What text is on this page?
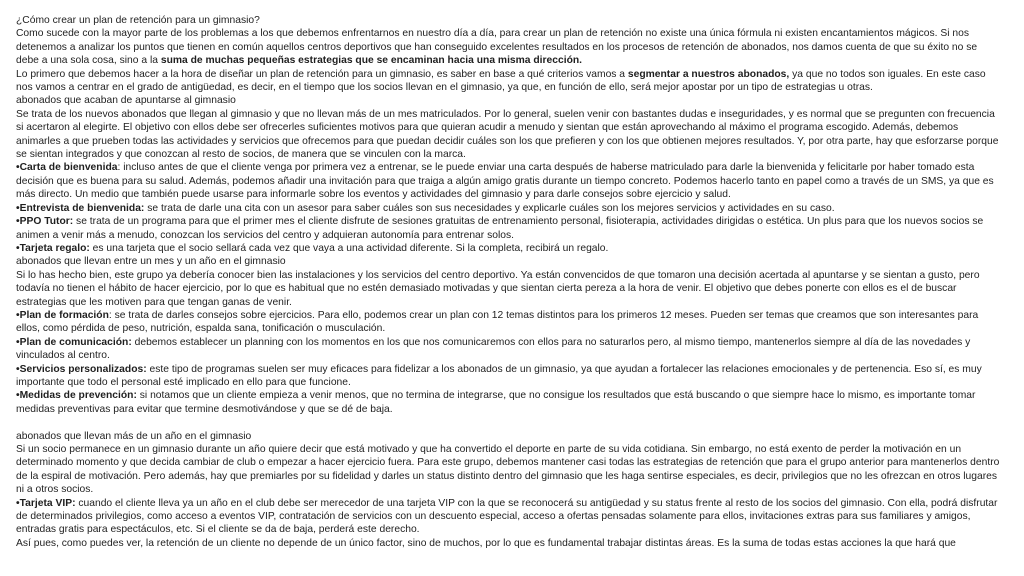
¿Cómo crear un plan de retención para un gimnasio?

Como sucede con la mayor parte de los problemas a los que debemos enfrentarnos en nuestro día a día, para crear un plan de retención no existe una única fórmula ni existen encantamientos mágicos. Si nos detenemos a analizar los puntos que tienen en común aquellos centros deportivos que han conseguido excelentes resultados en los procesos de retención de abonados, nos damos cuenta de que su éxito no se debe a una sola cosa, sino a la suma de muchas pequeñas estrategias que se encaminan hacia una misma dirección.

Lo primero que debemos hacer a la hora de diseñar un plan de retención para un gimnasio, es saber en base a qué criterios vamos a segmentar a nuestros abonados, ya que no todos son iguales. En este caso nos vamos a centrar en el grado de antigüedad, es decir, en el tiempo que los socios llevan en el gimnasio, ya que, en función de ello, será mejor apostar por un tipo de estrategias u otras.

abonados que acaban de apuntarse al gimnasio

Se trata de los nuevos abonados que llegan al gimnasio y que no llevan más de un mes matriculados. Por lo general, suelen venir con bastantes dudas e inseguridades, y es normal que se pregunten con frecuencia si acertaron al elegirte. El objetivo con ellos debe ser ofrecerles suficientes motivos para que quieran acudir a menudo y sientan que están aprovechando al máximo el programa escogido. Además, debemos animarles a que prueben todas las actividades y servicios que ofrecemos para que puedan decidir cuáles son los que prefieren y con los que obtienen mejores resultados. Y, por otra parte, hay que esforzarse porque se sientan integrados y que conozcan al resto de socios, de manera que se vinculen con la marca.

•Carta de bienvenida: incluso antes de que el cliente venga por primera vez a entrenar, se le puede enviar una carta después de haberse matriculado para darle la bienvenida y felicitarle por haber tomado esta decisión que es buena para su salud. Además, podemos añadir una invitación para que traiga a algún amigo gratis durante un tiempo concreto. Podemos hacerlo tanto en papel como a través de un SMS, ya que es más directo. Un medio que también puede usarse para informarle sobre los eventos y actividades del gimnasio y para darle consejos sobre ejercicio y salud.

•Entrevista de bienvenida: se trata de darle una cita con un asesor para saber cuáles son sus necesidades y explicarle cuáles son los mejores servicios y actividades en su caso.

•PPO Tutor: se trata de un programa para que el primer mes el cliente disfrute de sesiones gratuitas de entrenamiento personal, fisioterapia, actividades dirigidas o estética. Un plus para que los nuevos socios se animen a venir más a menudo, conozcan los servicios del centro y adquieran autonomía para entrenar solos.

•Tarjeta regalo: es una tarjeta que el socio sellará cada vez que vaya a una actividad diferente. Si la completa, recibirá un regalo.

abonados que llevan entre un mes y un año en el gimnasio

Si lo has hecho bien, este grupo ya debería conocer bien las instalaciones y los servicios del centro deportivo. Ya están convencidos de que tomaron una decisión acertada al apuntarse y se sientan a gusto, pero todavía no tienen el hábito de hacer ejercicio, por lo que es habitual que no estén demasiado motivadas y que sientan cierta pereza a la hora de venir. El objetivo que debes ponerte con ellos es el de buscar estrategias que les motiven para que tengan ganas de venir.

•Plan de formación: se trata de darles consejos sobre ejercicios. Para ello, podemos crear un plan con 12 temas distintos para los primeros 12 meses. Pueden ser temas que creamos que son interesantes para ellos, como pérdida de peso, nutrición, espalda sana, tonificación o musculación.

•Plan de comunicación: debemos establecer un planning con los momentos en los que nos comunicaremos con ellos para no saturarlos pero, al mismo tiempo, mantenerlos siempre al día de las novedades y vinculados al centro.

•Servicios personalizados: este tipo de programas suelen ser muy eficaces para fidelizar a los abonados de un gimnasio, ya que ayudan a fortalecer las relaciones emocionales y de pertenencia. Eso sí, es muy importante que todo el personal esté implicado en ello para que funcione.

•Medidas de prevención: si notamos que un cliente empieza a venir menos, que no termina de integrarse, que no consigue los resultados que está buscando o que siempre hace lo mismo, es importante tomar medidas preventivas para evitar que termine desmotivándose y que se dé de baja.

abonados que llevan más de un año en el gimnasio

Si un socio permanece en un gimnasio durante un año quiere decir que está motivado y que ha convertido el deporte en parte de su vida cotidiana. Sin embargo, no está exento de perder la motivación en un determinado momento y que decida cambiar de club o empezar a hacer ejercicio fuera. Para este grupo, debemos mantener casi todas las estrategias de retención que para el grupo anterior para mantenerlos dentro de la espiral de motivación. Pero además, hay que premiarles por su fidelidad y darles un status distinto dentro del gimnasio que les haga sentirse especiales, es decir, privilegios que no les ofrezcan en otros lugares ni a otros socios.

•Tarjeta VIP: cuando el cliente lleva ya un año en el club debe ser merecedor de una tarjeta VIP con la que se reconocerá su antigüedad y su status frente al resto de los socios del gimnasio. Con ella, podrá disfrutar de determinados privilegios, como acceso a eventos VIP, contratación de servicios con un descuento especial, acceso a ofertas pensadas solamente para ellos, invitaciones extras para sus familiares y amigos, entradas gratis para espectáculos, etc. Si el cliente se da de baja, perderá este derecho.

Así pues, como puedes ver, la retención de un cliente no depende de un único factor, sino de muchos, por lo que es fundamental trabajar distintas áreas. Es la suma de todas estas acciones la que hará que
